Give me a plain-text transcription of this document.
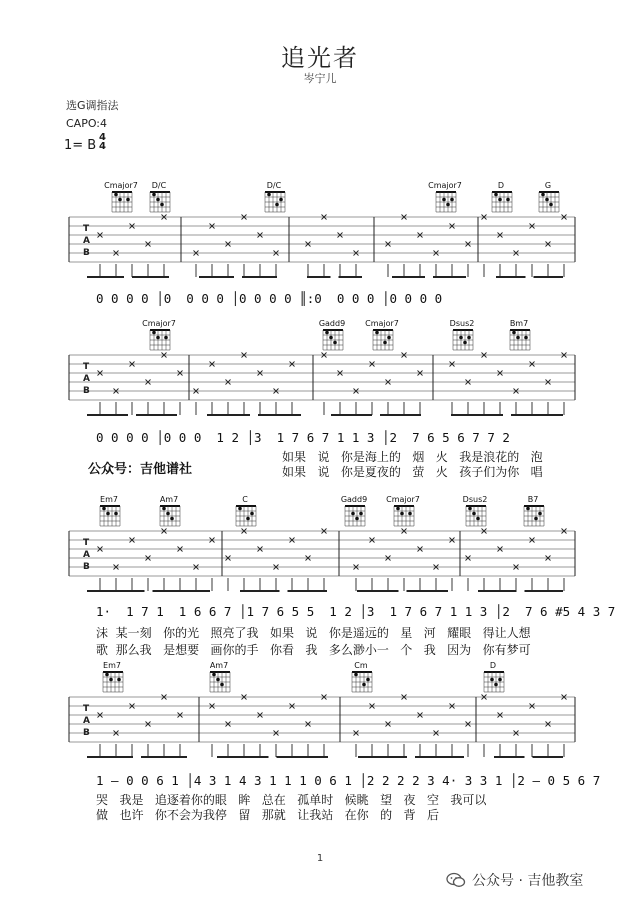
追光者
岑宁儿
选G调指法
CAPO:4
1= B
4
4
T
A
B
Cmajor7 D/C	D/C	Cmajor7	D	G
T
A
B
Cmajor7	Gadd9 Cmajor7	Dsus2	Bm7
T
A
B
Em7	Am7	C	Gadd9 Cmajor7	Dsus2	B7
T
A
B
Em7	Am7	Cm	D
0 0 0 0 │0  0 0 0 │0 0 0 0 ║:0  0 0 0 │0 0 0 0
0 0 0 0 │0 0 0  1 2 │3  1 7 6 7 1 1 3 │2  7 6 5 6 7 7 2
如果   说   你是海上的   烟   火   我是浪花的   泡
如果   说   你是夏夜的   萤   火   孩子们为你   唱
公众号：吉他谱社
1·  1 7 1  1 6 6 7 │1 7 6 5 5  1 2 │3  1 7 6 7 1 1 3 │2  7 6 #5 4 3 7
沫  某一刻   你的光   照亮了我   如果   说   你是遥远的   星   河   耀眼   得让人想
歌  那么我   是想要   画你的手   你看   我   多么渺小一   个   我   因为   你有梦可
1 — 0 0 6 1 │4 3 1 4 3 1 1 1 0 6 1 │2 2 2 2 3 4· 3 3 1 │2 — 0 5 6 7
哭   我是   追逐着你的眼   眸   总在   孤单时   候眺   望   夜   空   我可以
做   也许   你不会为我停   留   那就   让我站   在你   的   背   后
1
公众号 · 吉他教室
